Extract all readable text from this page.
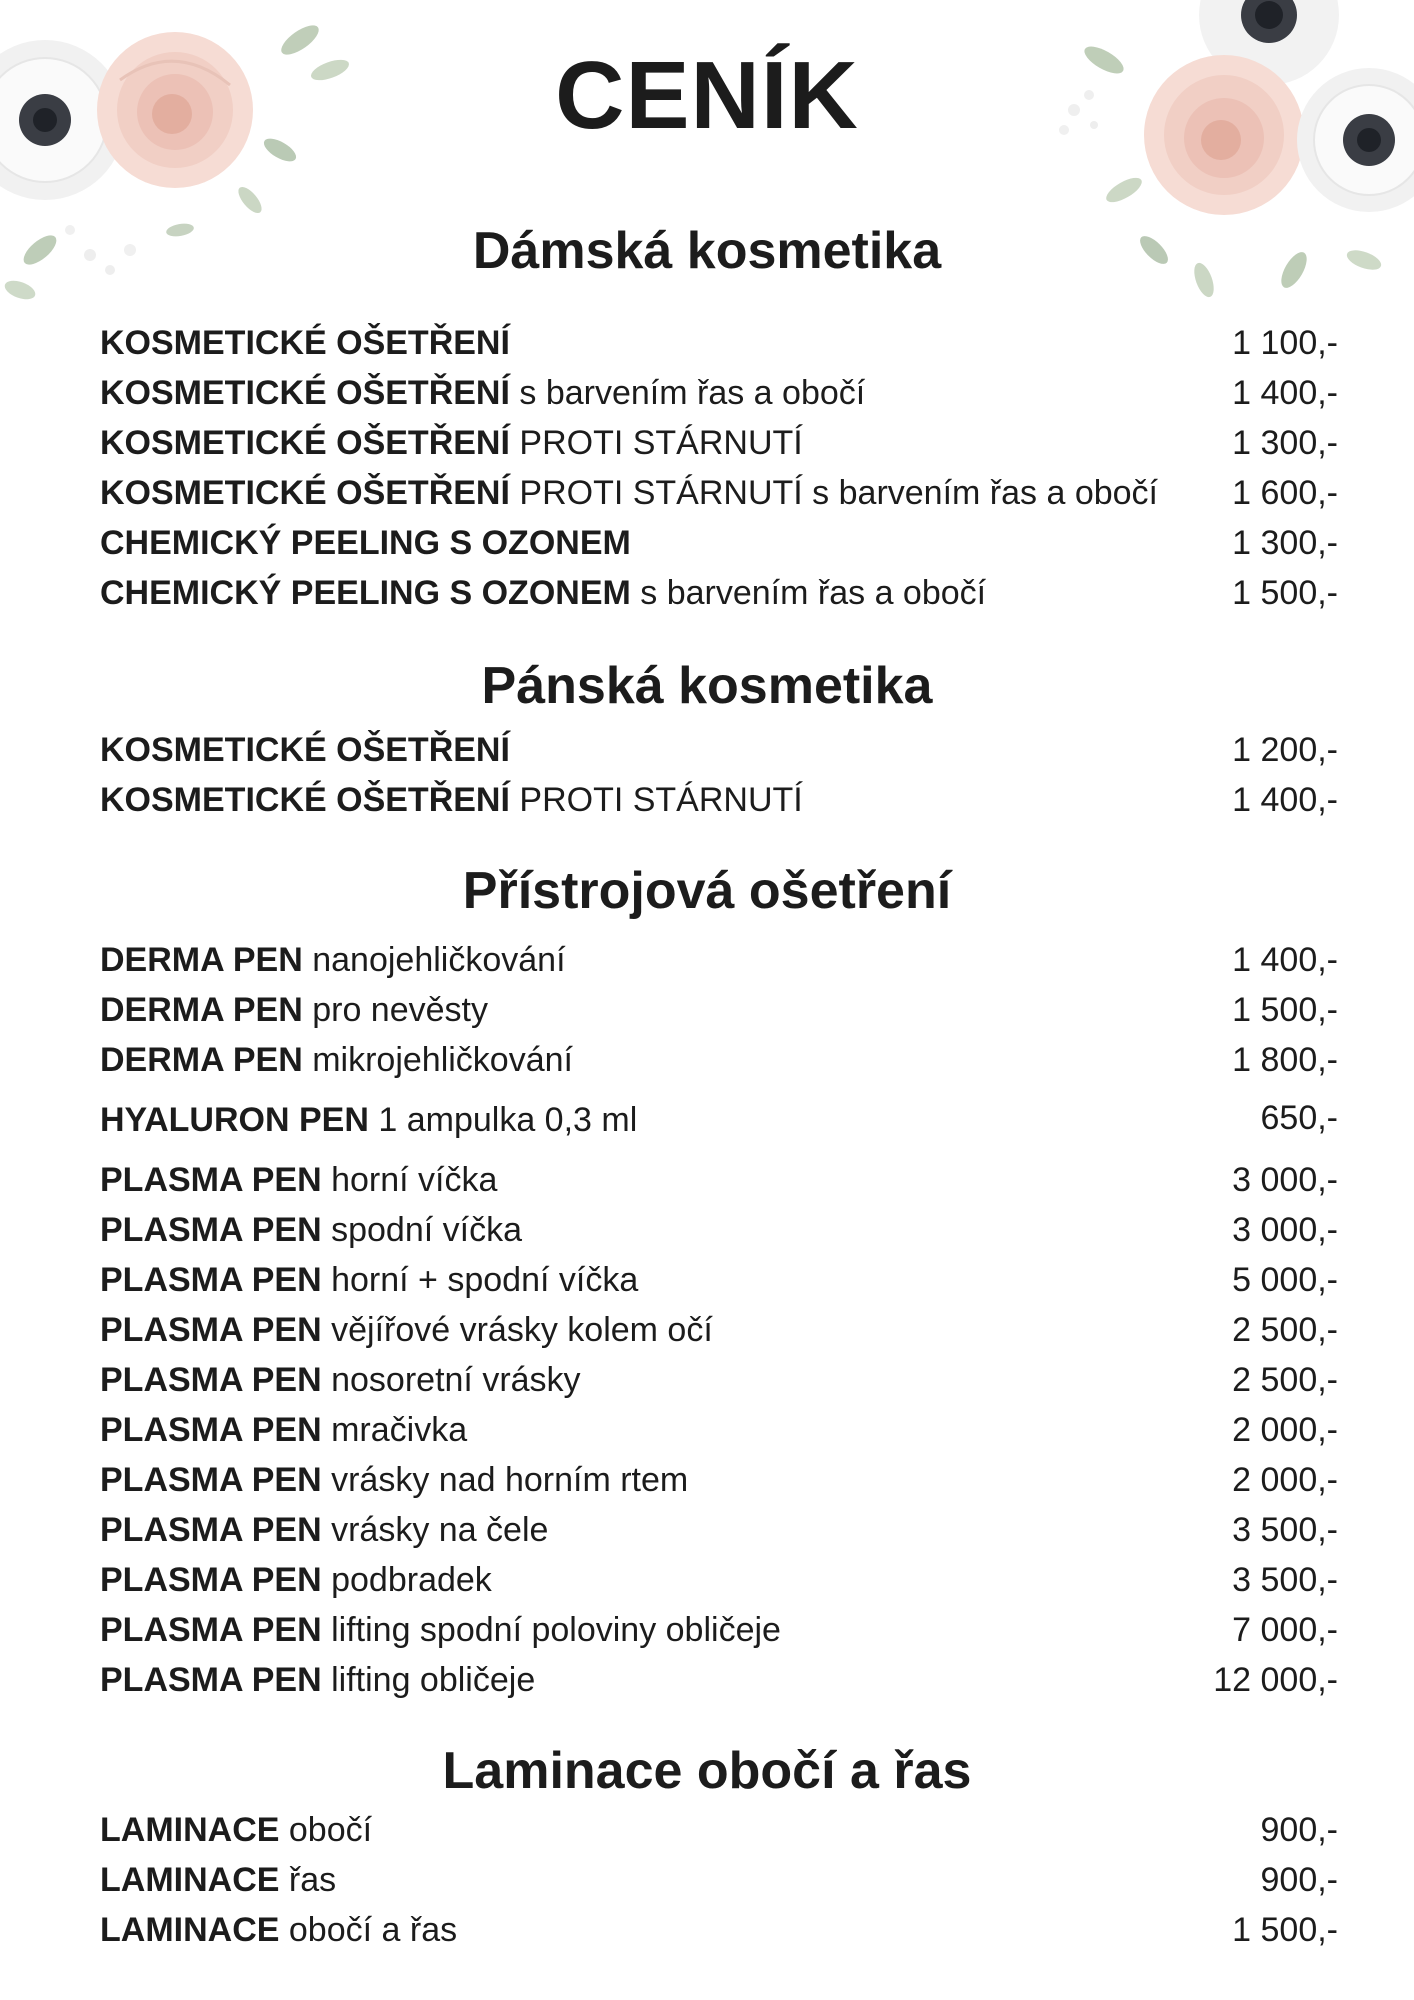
CENÍK
Dámská kosmetika
KOSMETICKÉ OŠETŘENÍ	1 100,-
KOSMETICKÉ OŠETŘENÍ s barvením řas a obočí	1 400,-
KOSMETICKÉ OŠETŘENÍ PROTI STÁRNUTÍ	1 300,-
KOSMETICKÉ OŠETŘENÍ PROTI STÁRNUTÍ s barvením řas a obočí 1 600,-
CHEMICKÝ PEELING S OZONEM	1 300,-
CHEMICKÝ PEELING S OZONEM s barvením řas a obočí	1 500,-
Pánská kosmetika
KOSMETICKÉ OŠETŘENÍ	1 200,-
KOSMETICKÉ OŠETŘENÍ PROTI STÁRNUTÍ	1 400,-
Přístrojová ošetření
DERMA PEN nanojehličkování	1 400,-
DERMA PEN pro nevěsty	1 500,-
DERMA PEN mikrojehličkování	1 800,-
HYALURON PEN 1 ampulka 0,3 ml	650,-
PLASMA PEN horní víčka	3 000,-
PLASMA PEN spodní víčka	3 000,-
PLASMA PEN horní + spodní víčka	5 000,-
PLASMA PEN vějířové vrásky kolem očí	2 500,-
PLASMA PEN nosoretní vrásky	2 500,-
PLASMA PEN mračivka	2 000,-
PLASMA PEN vrásky nad horním rtem	2 000,-
PLASMA PEN vrásky na čele	3 500,-
PLASMA PEN podbradek	3 500,-
PLASMA PEN lifting spodní poloviny obličeje	7 000,-
PLASMA PEN lifting obličeje	12 000,-
Laminace obočí a řas
LAMINACE obočí	900,-
LAMINACE řas	900,-
LAMINACE obočí a řas	1 500,-
